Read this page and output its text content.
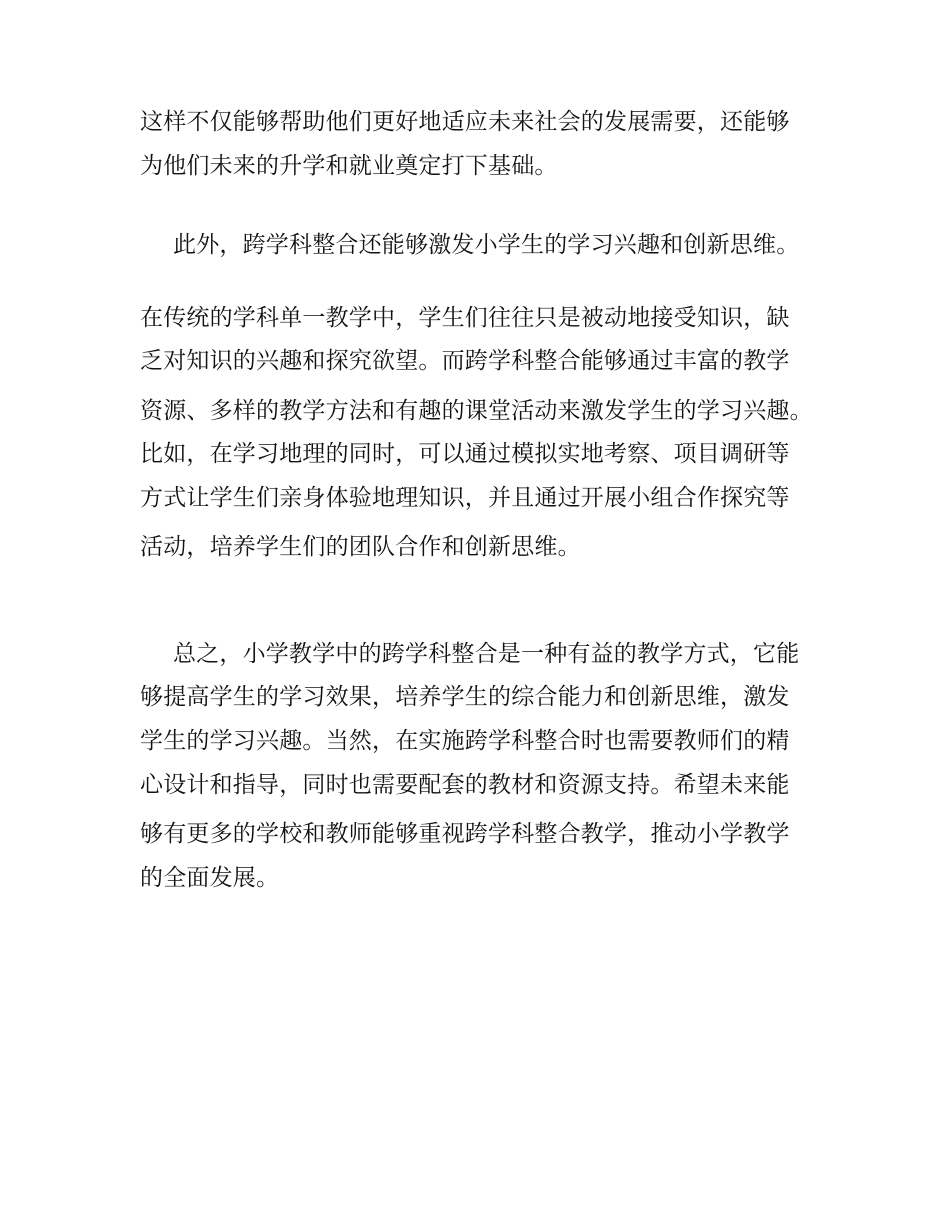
这样不仅能够帮助他们更好地适应未来社会的发展需要，还能够
为他们未来的升学和就业奠定打下基础。
此外，跨学科整合还能够激发小学生的学习兴趣和创新思维。
在传统的学科单一教学中，学生们往往只是被动地接受知识，缺
乏对知识的兴趣和探究欲望。而跨学科整合能够通过丰富的教学
资源、多样的教学方法和有趣的课堂活动来激发学生的学习兴趣。
比如，在学习地理的同时，可以通过模拟实地考察、项目调研等
方式让学生们亲身体验地理知识，并且通过开展小组合作探究等
活动，培养学生们的团队合作和创新思维。
总之，小学教学中的跨学科整合是一种有益的教学方式，它能
够提高学生的学习效果，培养学生的综合能力和创新思维，激发
学生的学习兴趣。当然，在实施跨学科整合时也需要教师们的精
心设计和指导，同时也需要配套的教材和资源支持。希望未来能
够有更多的学校和教师能够重视跨学科整合教学，推动小学教学
的全面发展。
